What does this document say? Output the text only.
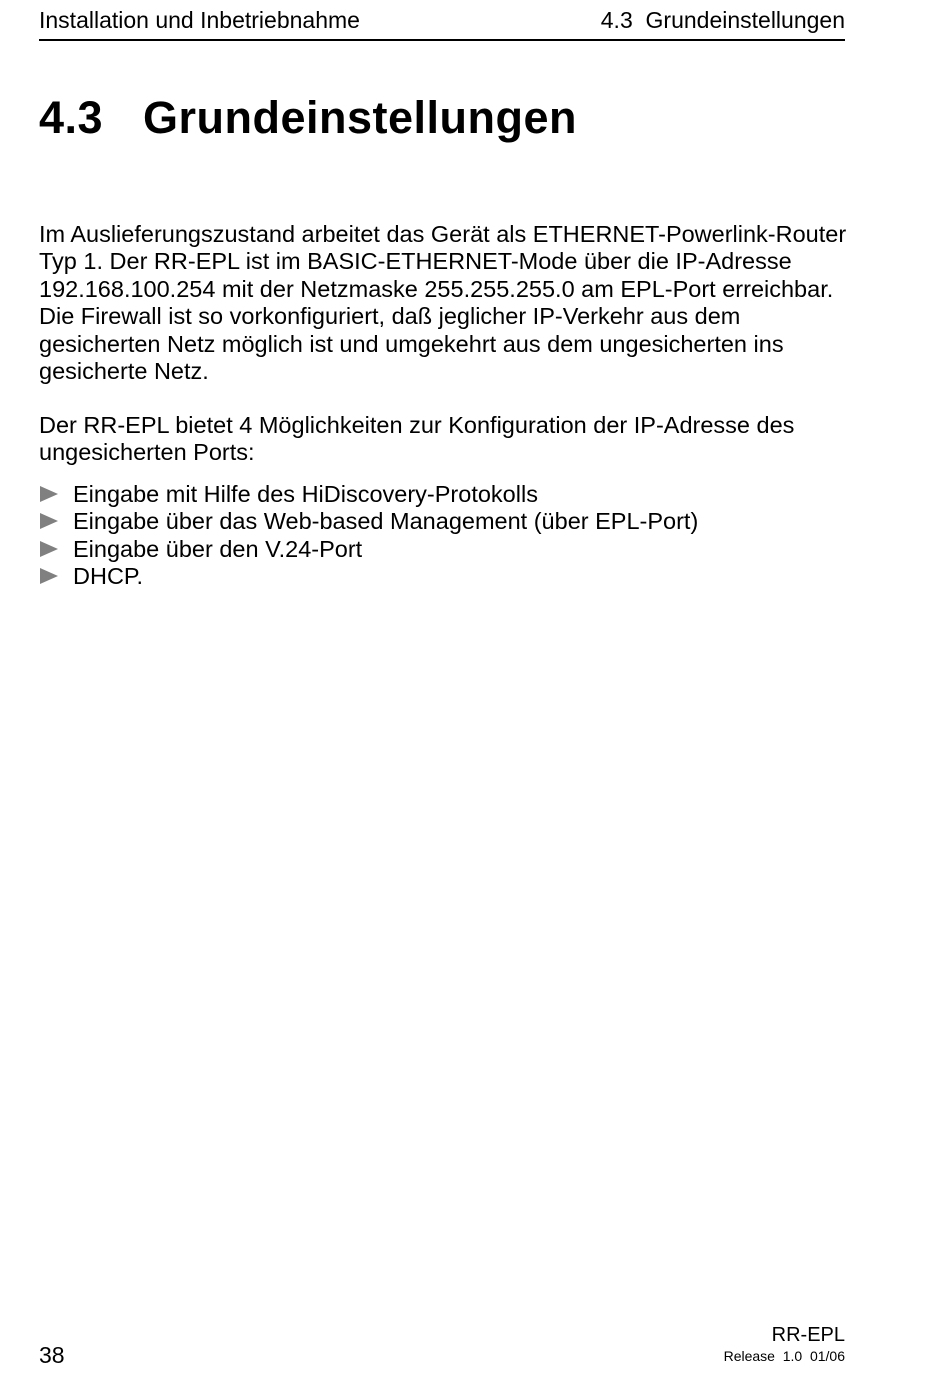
Installation und Inbetriebnahme	4.3  Grundeinstellungen
4.3 Grundeinstellungen

Im Auslieferungszustand arbeitet das Gerät als ETHERNET-Powerlink-Router Typ 1. Der RR-EPL ist im BASIC-ETHERNET-Mode über die IP-Adresse 192.168.100.254 mit der Netzmaske 255.255.255.0 am EPL-Port erreichbar. Die Firewall ist so vorkonfiguriert, daß jeglicher IP-Verkehr aus dem gesicherten Netz möglich ist und umgekehrt aus dem ungesicherten ins gesicherte Netz.

Der RR-EPL bietet 4 Möglichkeiten zur Konfiguration der IP-Adresse des ungesicherten Ports:

Eingabe mit Hilfe des HiDiscovery-Protokolls
Eingabe über das Web-based Management (über EPL-Port)
Eingabe über den V.24-Port
DHCP.
38
RR-EPL
Release  1.0  01/06
